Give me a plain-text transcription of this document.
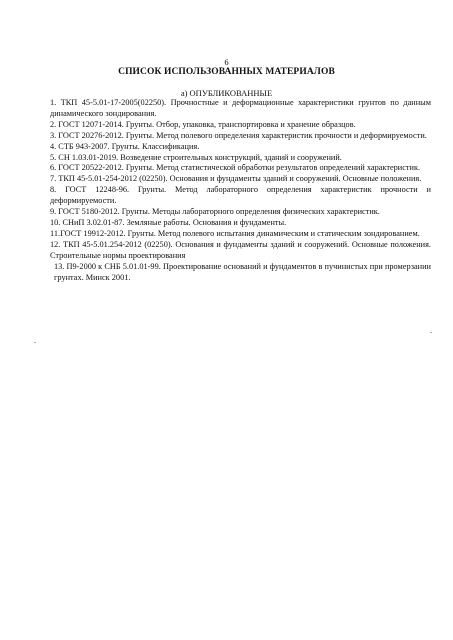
6
СПИСОК ИСПОЛЬЗОВАННЫХ МАТЕРИАЛОВ
а) ОПУБЛИКОВАННЫЕ
1. ТКП 45-5.01-17-2005(02250). Прочностные и деформационные характеристики грунтов по данным динамического зондирования.
2. ГОСТ 12071-2014. Грунты. Отбор, упаковка, транспортировка и хранение образцов.
3. ГОСТ 20276-2012. Грунты. Метод полевого определения характеристик прочности и деформируемости.
4. СТБ 943-2007. Грунты. Классификация.
5. СН 1.03.01-2019. Возведение строительных конструкций, зданий и сооружений.
6. ГОСТ 20522-2012. Грунты. Метод статистической обработки результатов определений характеристик.
7. ТКП 45-5.01-254-2012 (02250). Основания и фундаменты зданий и сооружений. Основные положения.
8. ГОСТ 12248-96. Грунты. Метод лабораторного определения характеристик прочности и деформируемости.
9. ГОСТ 5180-2012. Грунты. Методы лабораторного определения физических характеристик.
10. СНиП 3.02.01-87. Земляные работы. Основания и фундаменты.
11.ГОСТ 19912-2012. Грунты. Метод полевого испытания динамическим и статическим зондированием.
12. ТКП 45-5.01.254-2012 (02250). Основания и фундаменты зданий и сооружений. Основные положения. Строительные нормы проектирования
13. П9-2000 к СНБ 5.01.01-99. Проектирование оснований и фундаментов в пучинистых при промерзании грунтах. Минск 2001.
.
.
